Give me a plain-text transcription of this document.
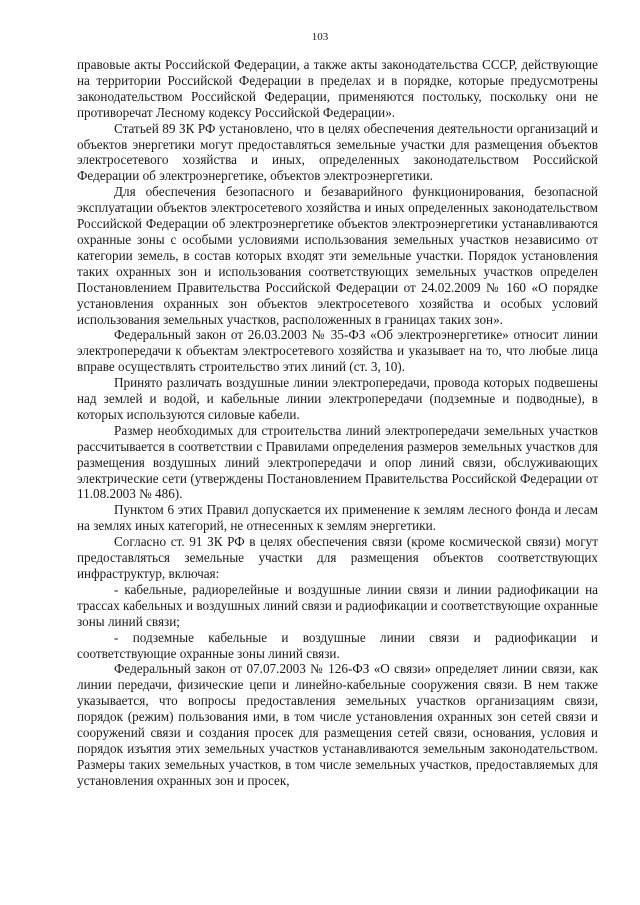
103

правовые акты Российской Федерации, а также акты законодательства СССР, действующие на территории Российской Федерации в пределах и в порядке, которые предусмотрены законодательством Российской Федерации, применяются постольку, поскольку они не противоречат Лесному кодексу Российской Федерации».

Статьей 89 ЗК РФ установлено, что в целях обеспечения деятельности организаций и объектов энергетики могут предоставляться земельные участки для размещения объектов электросетевого хозяйства и иных, определенных законодательством Российской Федерации об электроэнергетике, объектов электроэнергетики.

Для обеспечения безопасного и безаварийного функционирования, безопасной эксплуатации объектов электросетевого хозяйства и иных определенных законодательством Российской Федерации об электроэнергетике объектов электроэнергетики устанавливаются охранные зоны с особыми условиями использования земельных участков независимо от категории земель, в состав которых входят эти земельные участки. Порядок установления таких охранных зон и использования соответствующих земельных участков определен Постановлением Правительства Российской Федерации от 24.02.2009 № 160 «О порядке установления охранных зон объектов электросетевого хозяйства и особых условий использования земельных участков, расположенных в границах таких зон».

Федеральный закон от 26.03.2003 № 35-ФЗ «Об электроэнергетике» относит линии электропередачи к объектам электросетевого хозяйства и указывает на то, что любые лица вправе осуществлять строительство этих линий (ст. 3, 10).

Принято различать воздушные линии электропередачи, провода которых подвешены над землей и водой, и кабельные линии электропередачи (подземные и подводные), в которых используются силовые кабели.

Размер необходимых для строительства линий электропередачи земельных участков рассчитывается в соответствии с Правилами определения размеров земельных участков для размещения воздушных линий электропередачи и опор линий связи, обслуживающих электрические сети (утверждены Постановлением Правительства Российской Федерации от 11.08.2003 № 486).

Пунктом 6 этих Правил допускается их применение к землям лесного фонда и лесам на землях иных категорий, не отнесенных к землям энергетики.

Согласно ст. 91 ЗК РФ в целях обеспечения связи (кроме космической связи) могут предоставляться земельные участки для размещения объектов соответствующих инфраструктур, включая:

- кабельные, радиорелейные и воздушные линии связи и линии радиофикации на трассах кабельных и воздушных линий связи и радиофикации и соответствующие охранные зоны линий связи;

- подземные кабельные и воздушные линии связи и радиофикации и соответствующие охранные зоны линий связи.

Федеральный закон от 07.07.2003 № 126-ФЗ «О связи» определяет линии связи, как линии передачи, физические цепи и линейно-кабельные сооружения связи. В нем также указывается, что вопросы предоставления земельных участков организациям связи, порядок (режим) пользования ими, в том числе установления охранных зон сетей связи и сооружений связи и создания просек для размещения сетей связи, основания, условия и порядок изъятия этих земельных участков устанавливаются земельным законодательством. Размеры таких земельных участков, в том числе земельных участков, предоставляемых для установления охранных зон и просек,
